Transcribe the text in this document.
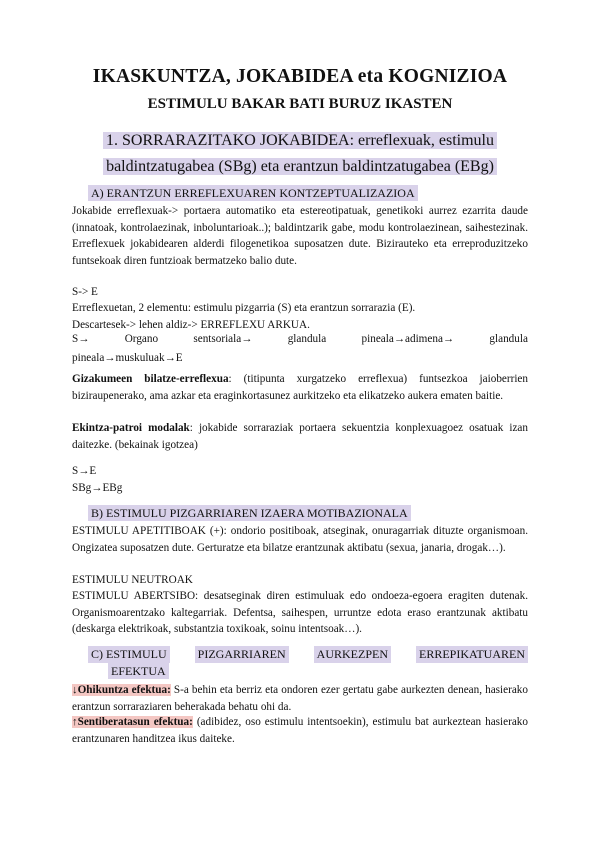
IKASKUNTZA, JOKABIDEA eta KOGNIZIOA
ESTIMULU BAKAR BATI BURUZ IKASTEN
1. SORRARAZITAKO JOKABIDEA: erreflexuak, estimulu
baldintzatugabea (SBg) eta erantzun baldintzatugabea (EBg)
A) ERANTZUN ERREFLEXUAREN KONTZEPTUALIZAZIOA
Jokabide erreflexuak-> portaera automatiko eta estereotipatuak, genetikoki aurrez ezarrita daude (innatoak, kontrolaezinak, inboluntarioak..); baldintzarik gabe, modu kontrolaezinean, saihestezinak. Erreflexuek jokabidearen alderdi filogenetikoa suposatzen dute. Bizirauteko eta erreproduzitzeko funtsekoak diren funtzioak bermatzeko balio dute.
S-> E
Erreflexuetan, 2 elementu: estimulu pizgarria (S) eta erantzun sorrarazia (E).
Descartesek-> lehen aldiz-> ERREFLEXU ARKUA.
S→	Organo	sentsoriala→	glandula	pineala→adimena→	glandula
pineala→muskuluak→E
Gizakumeen bilatze-erreflexua: (titipunta xurgatzeko erreflexua) funtsezkoa jaioberrien biziraupenerako, ama azkar eta eraginkortasunez aurkitzeko eta elikatzeko aukera ematen baitie.
Ekintza-patroi modalak: jokabide sorraraziak portaera sekuentzia konplexuagoez osatuak izan daitezke. (bekainak igotzea)
S→E
SBg→EBg
B) ESTIMULU PIZGARRIAREN IZAERA MOTIBAZIONALA
ESTIMULU APETITIBOAK (+): ondorio positiboak, atseginak, onuragarriak dituzte organismoan. Ongizatea suposatzen dute. Gerturatze eta bilatze erantzunak aktibatu (sexua, janaria, drogak…).
ESTIMULU NEUTROAK
ESTIMULU ABERTSIBO: desatseginak diren estimuluak edo ondoeza-egoera eragiten dutenak. Organismoarentzako kaltegarriak. Defentsa, saihespen, urruntze edota eraso erantzunak aktibatu (deskarga elektrikoak, substantzia toxikoak, soinu intentsoak…).
C) ESTIMULU	PIZGARRIAREN	AURKEZPEN	ERREPIKATUAREN
EFEKTUA
↓Ohikuntza efektua: S-a behin eta berriz eta ondoren ezer gertatu gabe aurkezten denean, hasierako erantzun sorraraziaren beherakada behatu ohi da.
↑Sentiberatasun efektua: (adibidez, oso estimulu intentsoekin), estimulu bat aurkeztean hasierako erantzunaren handitzea ikus daiteke.
